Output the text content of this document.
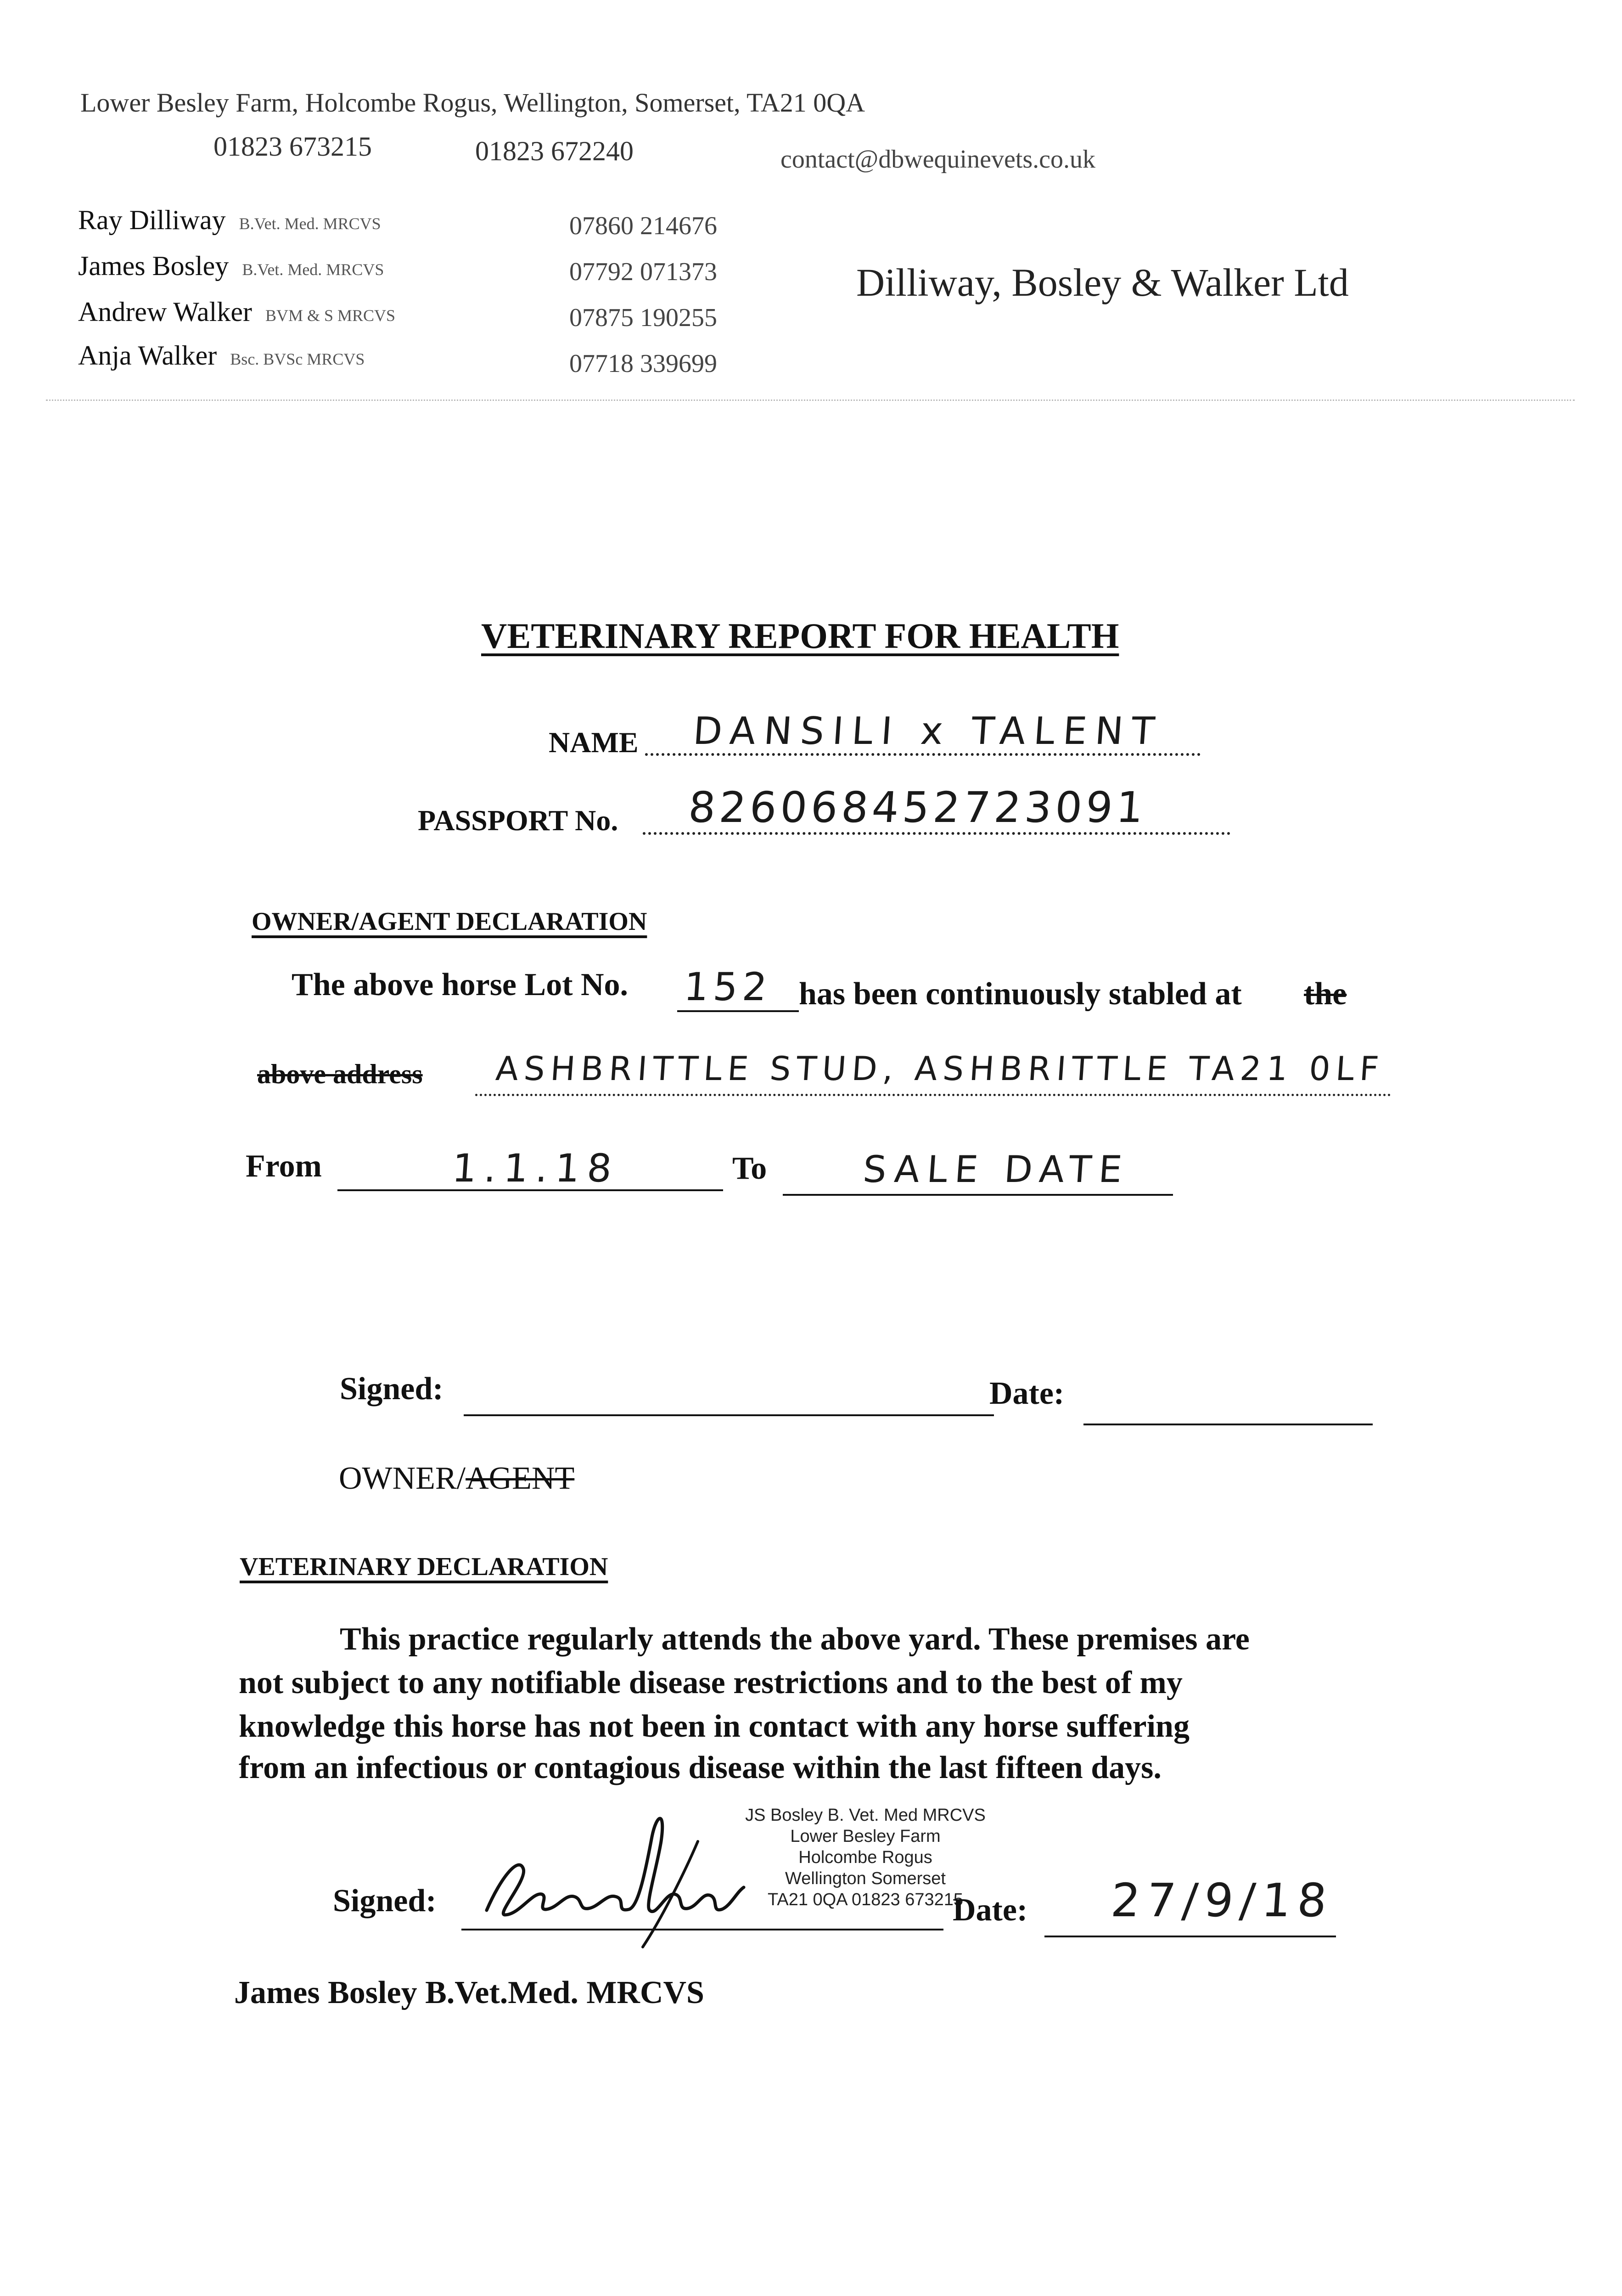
Lower Besley Farm, Holcombe Rogus, Wellington, Somerset, TA21 0QA
01823 673215	01823 672240	contact@dbwequinevets.co.uk
Ray Dilliway B.Vet. Med. MRCVS	07860 214676
James Bosley B.Vet. Med. MRCVS	07792 071373
Andrew Walker BVM & S MRCVS	07875 190255
Anja Walker Bsc. BVSc MRCVS	07718 339699
Dilliway, Bosley & Walker Ltd
VETERINARY REPORT FOR HEALTH
NAME DANSILI x TALENT
PASSPORT No. 826068452723091
OWNER/AGENT DECLARATION
The above horse Lot No. 152 has been continuously stabled at the
above address ASHBRITTLE STUD, ASHBRITTLE TA21 0LF
From	1.1.18	To	SALE DATE
Signed:	Date:
OWNER/AGENT
VETERINARY DECLARATION
This practice regularly attends the above yard. These premises are
not subject to any notifiable disease restrictions and to the best of my
knowledge this horse has not been in contact with any horse suffering
from an infectious or contagious disease within the last fifteen days.
JS Bosley B. Vet. Med MRCVS
Lower Besley Farm
Holcombe Rogus
Wellington Somerset
TA21 0QA 01823 673215
Signed:	Date: 27/9/18
James Bosley B.Vet.Med. MRCVS
